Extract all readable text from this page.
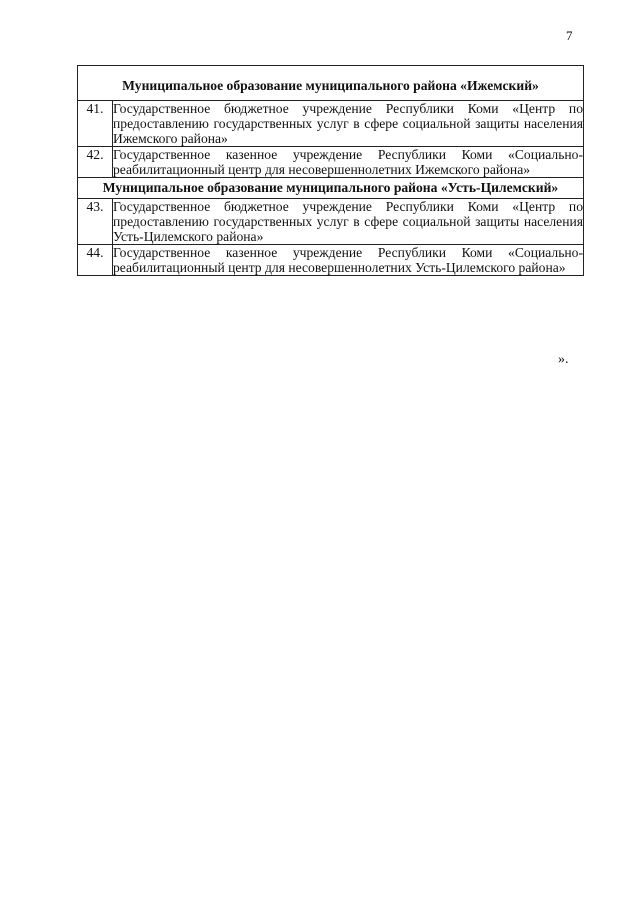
7
Муниципальное образование муниципального района «Ижемский»	
41.	Государственное бюджетное учреждение Республики Коми «Центр по предоставлению государственных услуг в сфере социальной защиты населения Ижемского района»
42.	Государственное казенное учреждение Республики Коми «Социально-реабилитационный центр для несовершеннолетних Ижемского района»
Муниципальное образование муниципального района «Усть-Цилемский»	
43.	Государственное бюджетное учреждение Республики Коми «Центр по предоставлению государственных услуг в сфере социальной защиты населения Усть-Цилемского района»
44.	Государственное казенное учреждение Республики Коми «Социально-реабилитационный центр для несовершеннолетних Усть-Цилемского района»
».
